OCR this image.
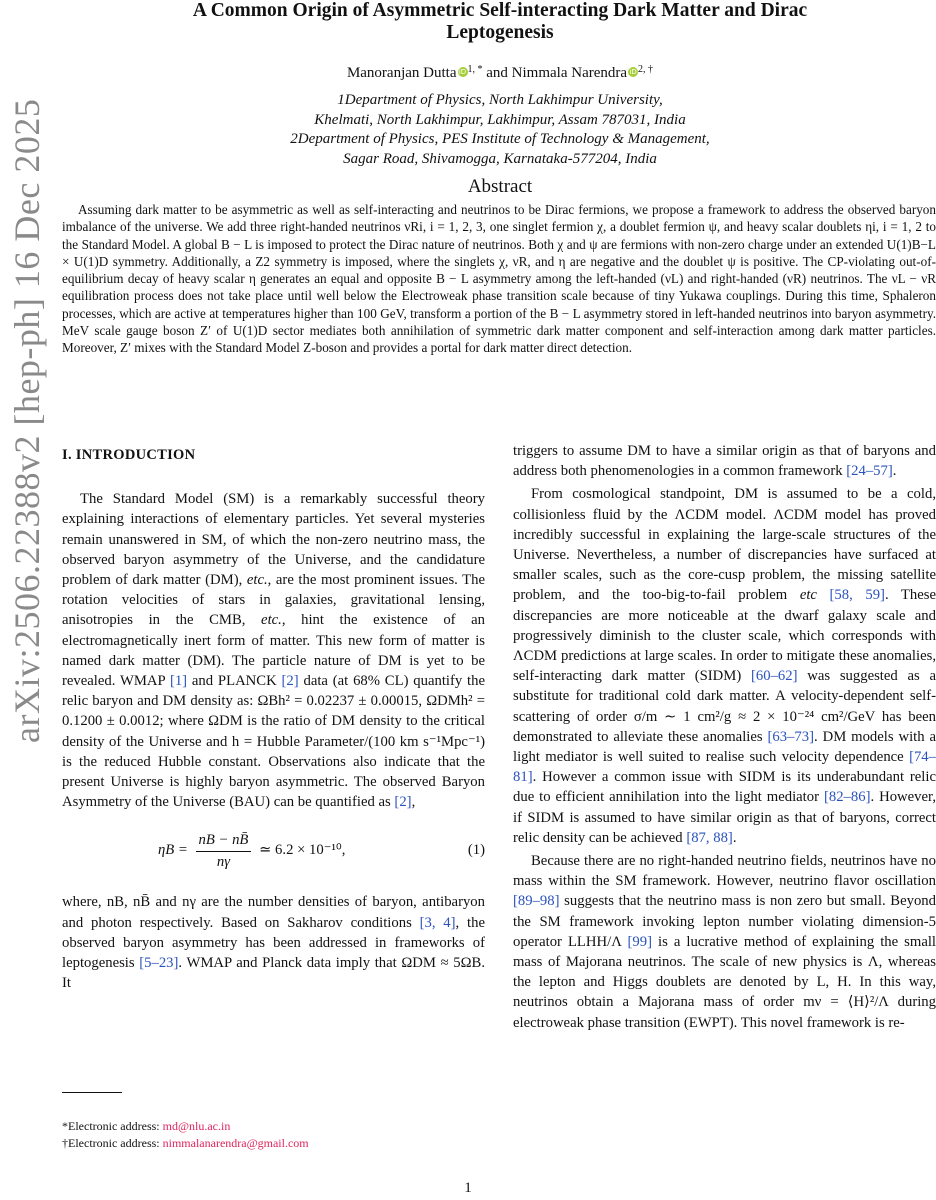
arXiv:2506.22388v2 [hep-ph] 16 Dec 2025
A Common Origin of Asymmetric Self-interacting Dark Matter and Dirac
Leptogenesis
Manoranjan Dutta $iD^{1, *}$ and Nimmala Narendra $iD^{2, \dagger}$
1Department of Physics, North Lakhimpur University,
Khelmati, North Lakhimpur, Lakhimpur, Assam 787031, India
2Department of Physics, PES Institute of Technology & Management,
Sagar Road, Shivamogga, Karnataka-577204, India
Abstract

Assuming dark matter to be asymmetric as well as self-interacting and neutrinos to be Dirac fermions, we propose a framework to address the observed baryon imbalance of the universe. We add three right-handed neutrinos νRi, i = 1, 2, 3, one singlet fermion χ, a doublet fermion ψ, and heavy scalar doublets ηi, i = 1, 2 to the Standard Model. A global B − L is imposed to protect the Dirac nature of neutrinos. Both χ and ψ are fermions with non-zero charge under an extended U(1)B−L × U(1)D symmetry. Additionally, a Z2 symmetry is imposed, where the singlets χ, νR, and η are negative and the doublet ψ is positive. The CP-violating out-of-equilibrium decay of heavy scalar η generates an equal and opposite B − L asymmetry among the left-handed (νL) and right-handed (νR) neutrinos. The νL − νR equilibration process does not take place until well below the Electroweak phase transition scale because of tiny Yukawa couplings. During this time, Sphaleron processes, which are active at temperatures higher than 100 GeV, transform a portion of the B − L asymmetry stored in left-handed neutrinos into baryon asymmetry. MeV scale gauge boson Z′ of U(1)D sector mediates both annihilation of symmetric dark matter component and self-interaction among dark matter particles. Moreover, Z′ mixes with the Standard Model Z-boson and provides a portal for dark matter direct detection.

I. INTRODUCTION

The Standard Model (SM) is a remarkably successful theory explaining interactions of elementary particles. Yet several mysteries remain unanswered in SM, of which the non-zero neutrino mass, the observed baryon asymmetry of the Universe, and the candidature problem of dark matter (DM), etc., are the most prominent issues. The rotation velocities of stars in galaxies, gravitational lensing, anisotropies in the CMB, etc., hint the existence of an electromagnetically inert form of matter. This new form of matter is named dark matter (DM). The particle nature of DM is yet to be revealed. WMAP [1] and PLANCK [2] data (at 68% CL) quantify the relic baryon and DM density as: ΩBh² = 0.02237 ± 0.00015, ΩDMh² = 0.1200 ± 0.0012; where ΩDM is the ratio of DM density to the critical density of the Universe and h = Hubble Parameter/(100 km s⁻¹Mpc⁻¹) is the reduced Hubble constant. Observations also indicate that the present Universe is highly baryon asymmetric. The observed Baryon Asymmetry of the Universe (BAU) can be quantified as [2],

$\eta B = \frac{nB - nB̄}{n\gamma}$ ≃ 6.2 × 10⁻¹⁰,	(1)

where, nB, nB̄ and nγ are the number densities of baryon, antibaryon and photon respectively. Based on Sakharov conditions [3, 4], the observed baryon asymmetry has been addressed in frameworks of leptogenesis [5–23]. WMAP and Planck data imply that ΩDM ≈ 5ΩB. It

triggers to assume DM to have a similar origin as that of baryons and address both phenomenologies in a common framework [24–57].

From cosmological standpoint, DM is assumed to be a cold, collisionless fluid by the ΛCDM model. ΛCDM model has proved incredibly successful in explaining the large-scale structures of the Universe. Nevertheless, a number of discrepancies have surfaced at smaller scales, such as the core-cusp problem, the missing satellite problem, and the too-big-to-fail problem etc [58, 59]. These discrepancies are more noticeable at the dwarf galaxy scale and progressively diminish to the cluster scale, which corresponds with ΛCDM predictions at large scales. In order to mitigate these anomalies, self-interacting dark matter (SIDM) [60–62] was suggested as a substitute for traditional cold dark matter. A velocity-dependent self-scattering of order σ/m ∼ 1 cm²/g ≈ 2 × 10⁻²⁴ cm²/GeV has been demonstrated to alleviate these anomalies [63–73]. DM models with a light mediator is well suited to realise such velocity dependence [74–81]. However a common issue with SIDM is its underabundant relic due to efficient annihilation into the light mediator [82–86]. However, if SIDM is assumed to have similar origin as that of baryons, correct relic density can be achieved [87, 88].

Because there are no right-handed neutrino fields, neutrinos have no mass within the SM framework. However, neutrino flavor oscillation [89–98] suggests that the neutrino mass is non zero but small. Beyond the SM framework invoking lepton number violating dimension-5 operator LLHH/Λ [99] is a lucrative method of explaining the small mass of Majorana neutrinos. The scale of new physics is Λ, whereas the lepton and Higgs doublets are denoted by L, H. In this way, neutrinos obtain a Majorana mass of order mν = ⟨H⟩²/Λ during electroweak phase transition (EWPT). This novel framework is re-

*Electronic address: md@nlu.ac.in
†Electronic address: nimmalanarendra@gmail.com
1
